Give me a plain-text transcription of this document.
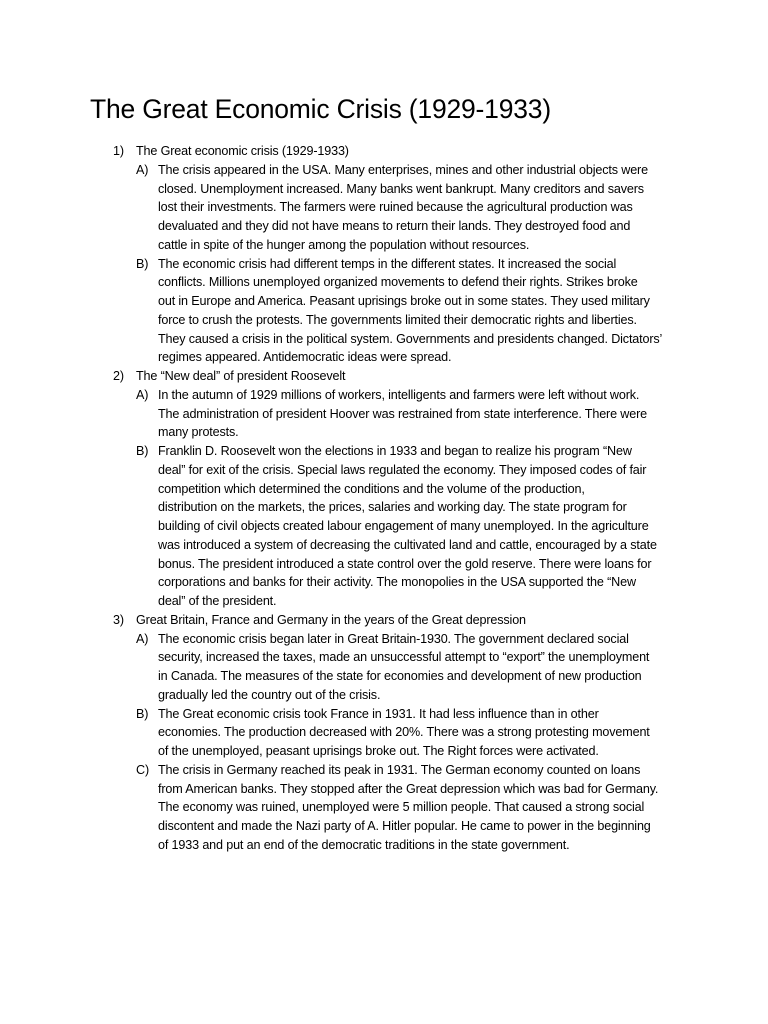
The Great Economic Crisis (1929-1933)
1) The Great economic crisis (1929-1933)
A) The crisis appeared in the USA. Many enterprises, mines and other industrial objects were
closed. Unemployment increased. Many banks went bankrupt. Many creditors and savers
lost their investments. The farmers were ruined because the agricultural production was
devaluated and they did not have means to return their lands. They destroyed food and
cattle in spite of the hunger among the population without resources.
B) The economic crisis had different temps in the different states. It increased the social
conflicts. Millions unemployed organized movements to defend their rights. Strikes broke
out in Europe and America. Peasant uprisings broke out in some states. They used military
force to crush the protests. The governments limited their democratic rights and liberties.
They caused a crisis in the political system. Governments and presidents changed. Dictators’
regimes appeared. Antidemocratic ideas were spread.
2) The “New deal” of president Roosevelt
A) In the autumn of 1929 millions of workers, intelligents and farmers were left without work.
The administration of president Hoover was restrained from state interference. There were
many protests.
B) Franklin D. Roosevelt won the elections in 1933 and began to realize his program “New
deal” for exit of the crisis. Special laws regulated the economy. They imposed codes of fair
competition which determined the conditions and the volume of the production,
distribution on the markets, the prices, salaries and working day. The state program for
building of civil objects created labour engagement of many unemployed. In the agriculture
was introduced a system of decreasing the cultivated land and cattle, encouraged by a state
bonus. The president introduced a state control over the gold reserve. There were loans for
corporations and banks for their activity. The monopolies in the USA supported the “New
deal” of the president.
3) Great Britain, France and Germany in the years of the Great depression
A) The economic crisis began later in Great Britain-1930. The government declared social
security, increased the taxes, made an unsuccessful attempt to “export” the unemployment
in Canada. The measures of the state for economies and development of new production
gradually led the country out of the crisis.
B) The Great economic crisis took France in 1931. It had less influence than in other
economies. The production decreased with 20%. There was a strong protesting movement
of the unemployed, peasant uprisings broke out. The Right forces were activated.
C) The crisis in Germany reached its peak in 1931. The German economy counted on loans
from American banks. They stopped after the Great depression which was bad for Germany.
The economy was ruined, unemployed were 5 million people. That caused a strong social
discontent and made the Nazi party of A. Hitler popular. He came to power in the beginning
of 1933 and put an end of the democratic traditions in the state government.
